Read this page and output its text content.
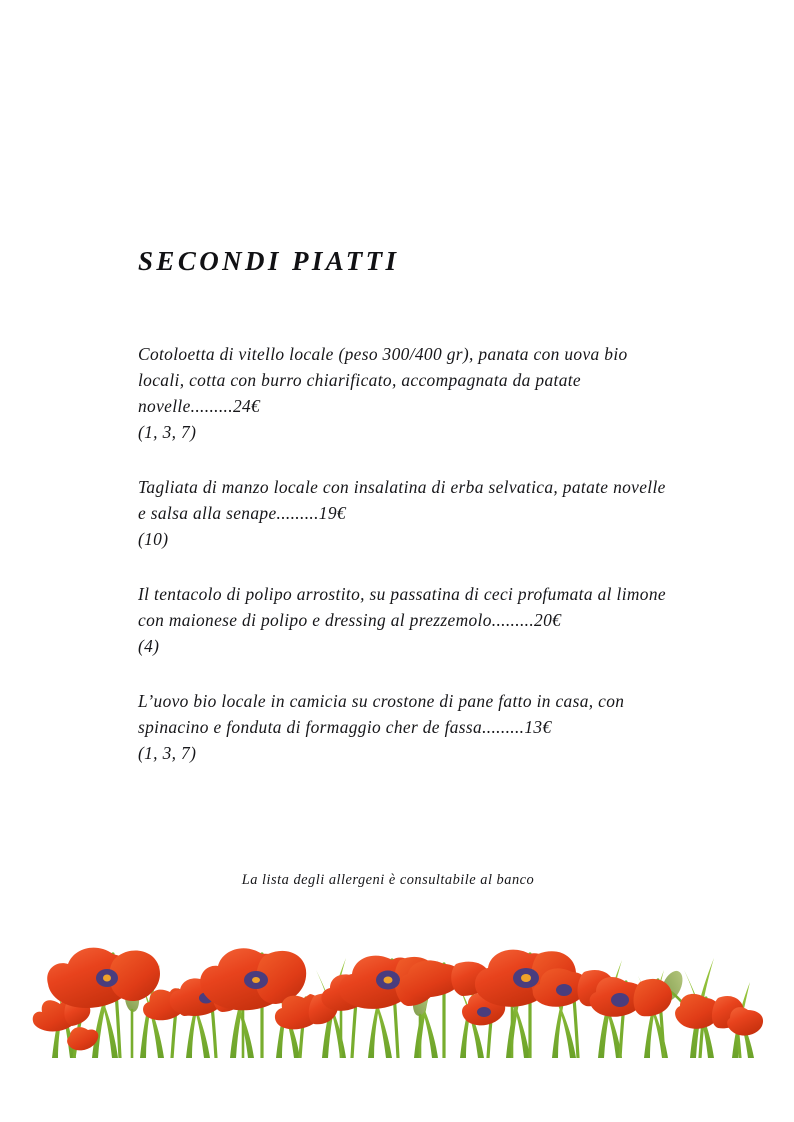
SECONDI PIATTI

Cotoloetta di vitello locale (peso 300/400 gr), panata con uova bio locali, cotta con burro chiarificato, accompagnata da patate novelle.........24€

(1, 3, 7)

Tagliata di manzo locale con insalatina di erba selvatica, patate novelle e salsa alla senape.........19€

(10)

Il tentacolo di polipo arrostito, su passatina di ceci profumata al limone con maionese di polipo e dressing al prezzemolo.........20€

(4)

L’uovo bio locale in camicia su crostone di pane fatto in casa, con spinacino e fonduta di formaggio cher de fassa.........13€

(1, 3, 7)

La lista degli allergeni è consultabile al banco
